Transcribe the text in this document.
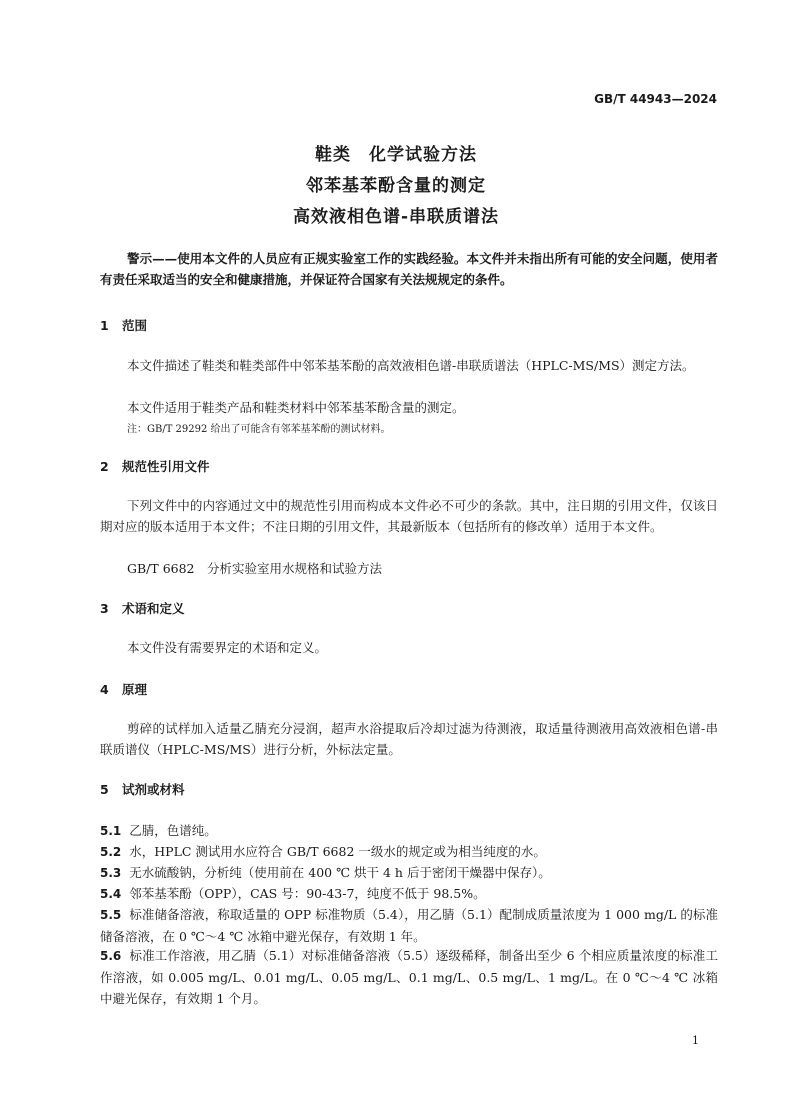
GB/T 44943—2024
鞋类　化学试验方法
邻苯基苯酚含量的测定
高效液相色谱-串联质谱法
警示——使用本文件的人员应有正规实验室工作的实践经验。本文件并未指出所有可能的安全问题，使用者有责任采取适当的安全和健康措施，并保证符合国家有关法规规定的条件。
1 范围
本文件描述了鞋类和鞋类部件中邻苯基苯酚的高效液相色谱-串联质谱法（HPLC-MS/MS）测定方法。
本文件适用于鞋类产品和鞋类材料中邻苯基苯酚含量的测定。
注：GB/T 29292 给出了可能含有邻苯基苯酚的测试材料。
2 规范性引用文件
下列文件中的内容通过文中的规范性引用而构成本文件必不可少的条款。其中，注日期的引用文件，仅该日期对应的版本适用于本文件；不注日期的引用文件，其最新版本（包括所有的修改单）适用于本文件。
GB/T 6682　分析实验室用水规格和试验方法
3 术语和定义
本文件没有需要界定的术语和定义。
4 原理
剪碎的试样加入适量乙腈充分浸润，超声水浴提取后冷却过滤为待测液，取适量待测液用高效液相色谱-串联质谱仪（HPLC-MS/MS）进行分析，外标法定量。
5 试剂或材料
5.1 乙腈，色谱纯。
5.2 水，HPLC 测试用水应符合 GB/T 6682 一级水的规定或为相当纯度的水。
5.3 无水硫酸钠，分析纯（使用前在 400 ℃ 烘干 4 h 后于密闭干燥器中保存）。
5.4 邻苯基苯酚（OPP），CAS 号：90-43-7，纯度不低于 98.5%。
5.5 标准储备溶液，称取适量的 OPP 标准物质（5.4），用乙腈（5.1）配制成质量浓度为 1 000 mg/L 的标准储备溶液，在 0 ℃～4 ℃ 冰箱中避光保存，有效期 1 年。
5.6 标准工作溶液，用乙腈（5.1）对标准储备溶液（5.5）逐级稀释，制备出至少 6 个相应质量浓度的标准工作溶液，如 0.005 mg/L、0.01 mg/L、0.05 mg/L、0.1 mg/L、0.5 mg/L、1 mg/L。在 0 ℃～4 ℃ 冰箱中避光保存，有效期 1 个月。
1
